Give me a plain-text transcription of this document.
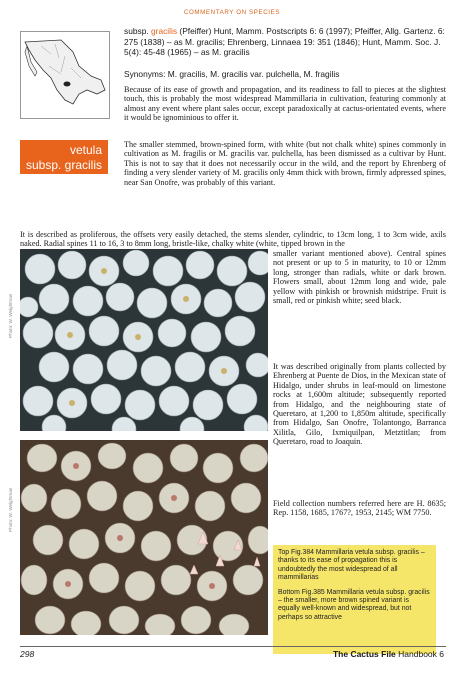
COMMENTARY ON SPECIES
vetula
subsp. gracilis
subsp. gracilis (Pfeiffer) Hunt, Mamm. Postscripts 6: 6 (1997); Pfeiffer, Allg. Gartenz. 6: 275 (1838) – as M. gracilis; Ehrenberg, Linnaea 19: 351 (1846); Hunt, Mamm. Soc. J. 5(4): 45-48 (1965) – as M. gracilis
Synonyms: M. gracilis, M. gracilis var. pulchella, M. fragilis
Because of its ease of growth and propagation, and its readiness to fall to pieces at the slightest touch, this is probably the most widespread Mammillaria in cultivation, featuring commonly at almost any event where plant sales occur, except paradoxically at cactus-orientated events, where it would be ignominious to offer it.
The smaller stemmed, brown-spined form, with white (but not chalk white) spines commonly in cultivation as M. fragilis or M. gracilis var. pulchella, has been dismissed as a cultivar by Hunt. This is not to say that it does not necessarily occur in the wild, and the report by Ehrenberg of finding a very slender variety of M. gracilis only 4mm thick with brown, firmly adpressed spines, near San Onofre, was probably of this variant.
It is described as proliferous, the offsets very easily detached, the stems slender, cylindric, to 13cm long, 1 to 3cm wide, axils naked. Radial spines 11 to 16, 3 to 8mm long, bristle-like, chalky white (white, tipped brown in the
Photo: W. Weightman
Photo: W. Weightman
smaller variant mentioned above). Central spines not present or up to 5 in maturity, to 10 or 12mm long, stronger than radials, white or dark brown. Flowers small, about 12mm long and wide, pale yellow with pinkish or brownish midstripe. Fruit is small, red or pinkish white; seed black.
It was described originally from plants collected by Ehrenberg at Puente de Dios, in the Mexican state of Hidalgo, under shrubs in leaf-mould on limestone rocks at 1,600m altitude; subsequently reported from Hidalgo, and the neighbouring state of Queretaro, at 1,200 to 1,850m altitude, specifically from Hidalgo, San Onofre, Tolantongo, Barranca Xilitla, Gilo, Ixmiquilpan, Metztitlan; from Queretaro, road to Joaquin.
Field collection numbers referred here are H. 8635; Rep. 1158, 1685, 1767?, 1953, 2145; WM 7750.

Top Fig.384 Mammillaria vetula subsp. gracilis – thanks to its ease of propagation this is undoubtedly the most widespread of all mammillarias

Bottom Fig.385 Mammillaria vetula subsp. gracilis – the smaller, more brown spined variant is equally well-known and widespread, but not perhaps so attractive

298	The Cactus File Handbook 6
